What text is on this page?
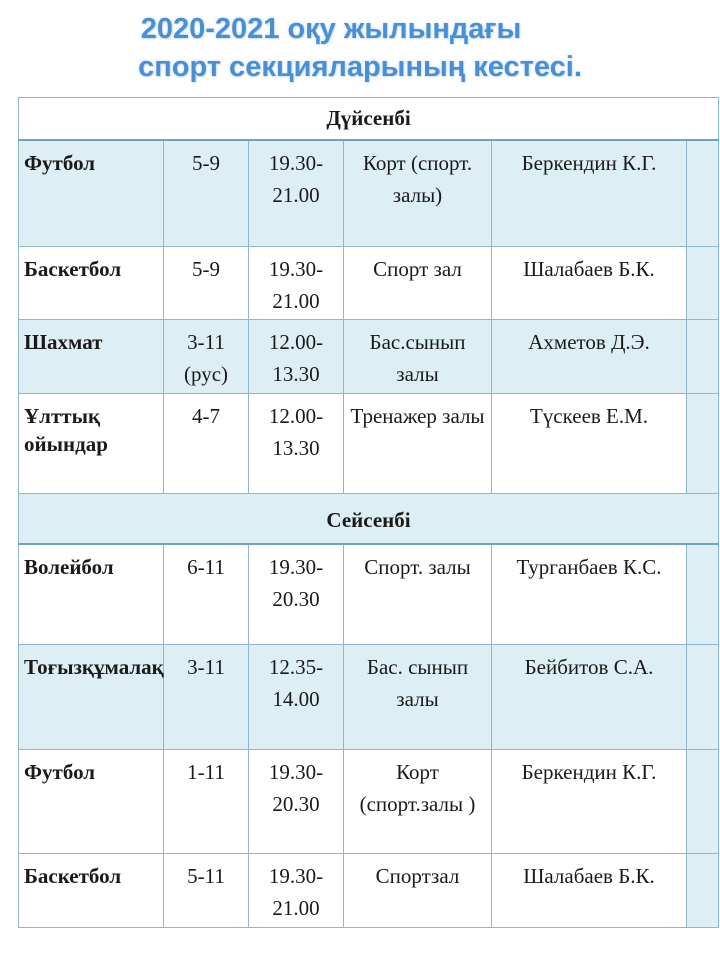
2020-2021 оқу жылындағы
спорт секцияларының кестесі.
Дүйсенбі					
Футбол	5-9	19.30-21.00	Корт (спорт. залы)	Беркендин К.Г.	
Баскетбол	5-9	19.30-21.00	Спорт зал	Шалабаев Б.К.	
Шахмат	3-11 (рус)	12.00-13.30	Бас.сынып залы	Ахметов Д.Э.	
Ұлттық ойындар	4-7	12.00-13.30	Тренажер залы	Түскеев Е.М.	
Сейсенбі					
Волейбол	6-11	19.30-20.30	Спорт. залы	Турганбаев К.С.	
Тоғызқұмалақ	3-11	12.35-14.00	Бас. сынып залы	Бейбитов С.А.	
Футбол	1-11	19.30-20.30	Корт (спорт.залы )	Беркендин К.Г.	
Баскетбол	5-11	19.30-21.00	Спортзал	Шалабаев Б.К.	
